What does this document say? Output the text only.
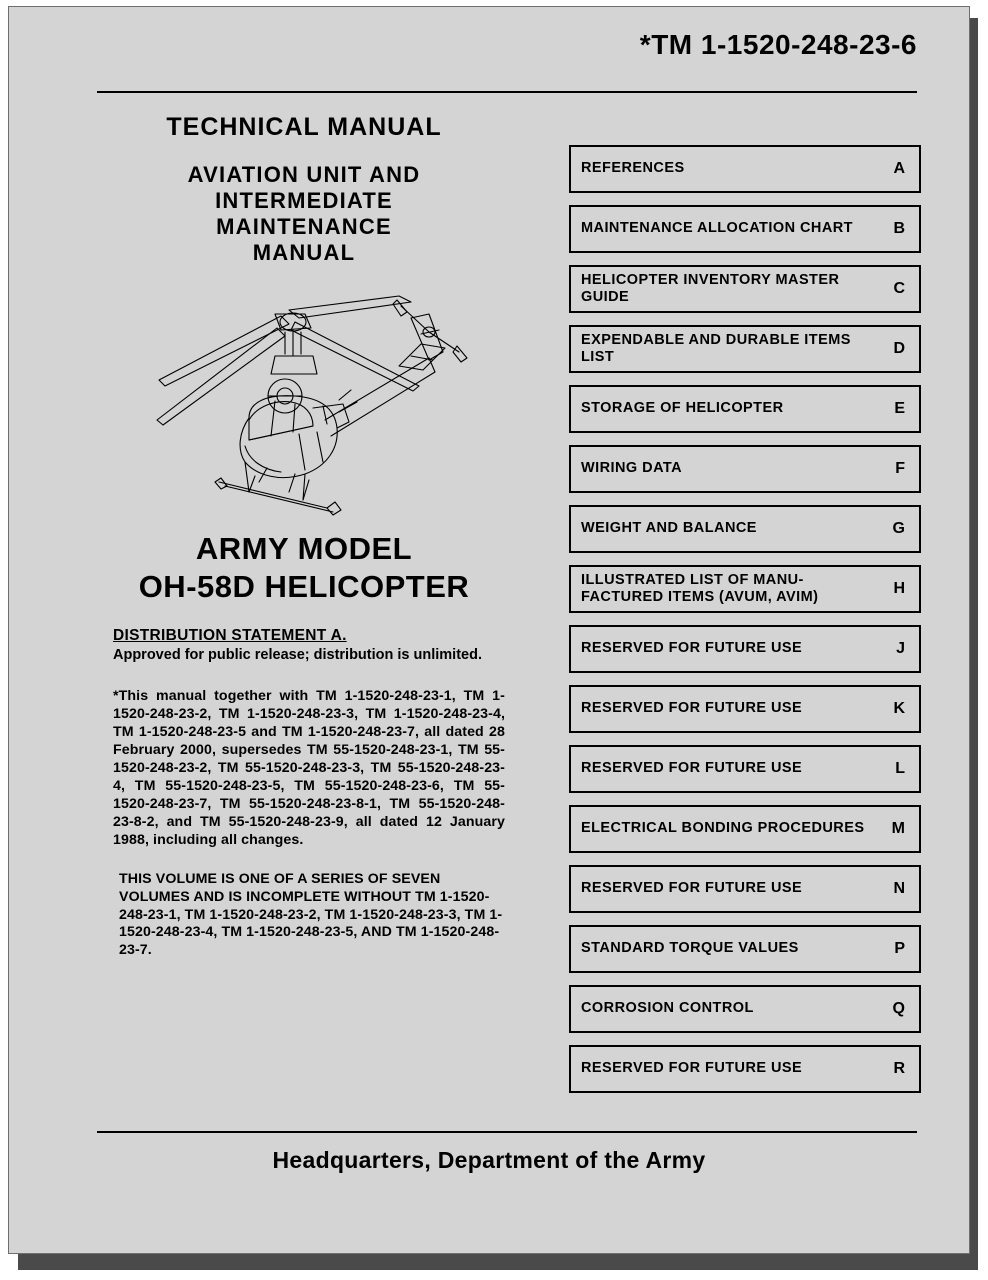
*TM 1-1520-248-23-6
TECHNICAL MANUAL
AVIATION UNIT AND
INTERMEDIATE
MAINTENANCE
MANUAL
ARMY MODEL
OH-58D HELICOPTER
DISTRIBUTION STATEMENT A.
Approved for public release; distribution is unlimited.
*This manual together with TM 1-1520-248-23-1, TM 1-1520-248-23-2, TM 1-1520-248-23-3, TM 1-1520-248-23-4, TM 1-1520-248-23-5 and TM 1-1520-248-23-7, all dated 28 February 2000, supersedes TM 55-1520-248-23-1, TM 55-1520-248-23-2, TM 55-1520-248-23-3, TM 55-1520-248-23-4, TM 55-1520-248-23-5, TM 55-1520-248-23-6, TM 55-1520-248-23-7, TM 55-1520-248-23-8-1, TM 55-1520-248-23-8-2, and TM 55-1520-248-23-9, all dated 12 January 1988, including all changes.
THIS VOLUME IS ONE OF A SERIES OF SEVEN VOLUMES AND IS INCOMPLETE WITHOUT TM 1-1520-248-23-1, TM 1-1520-248-23-2, TM 1-1520-248-23-3, TM 1-1520-248-23-4, TM 1-1520-248-23-5, AND TM 1-1520-248-23-7.
REFERENCES	A
MAINTENANCE ALLOCATION CHART	B
HELICOPTER INVENTORY MASTER GUIDE	C
EXPENDABLE AND DURABLE ITEMS LIST	D
STORAGE OF HELICOPTER	E
WIRING DATA	F
WEIGHT AND BALANCE	G
ILLUSTRATED LIST OF MANU-FACTURED ITEMS (AVUM, AVIM)	H
RESERVED FOR FUTURE USE	J
RESERVED FOR FUTURE USE	K
RESERVED FOR FUTURE USE	L
ELECTRICAL BONDING PROCEDURES	M
RESERVED FOR FUTURE USE	N
STANDARD TORQUE VALUES	P
CORROSION CONTROL	Q
RESERVED FOR FUTURE USE	R
Headquarters, Department of the Army
